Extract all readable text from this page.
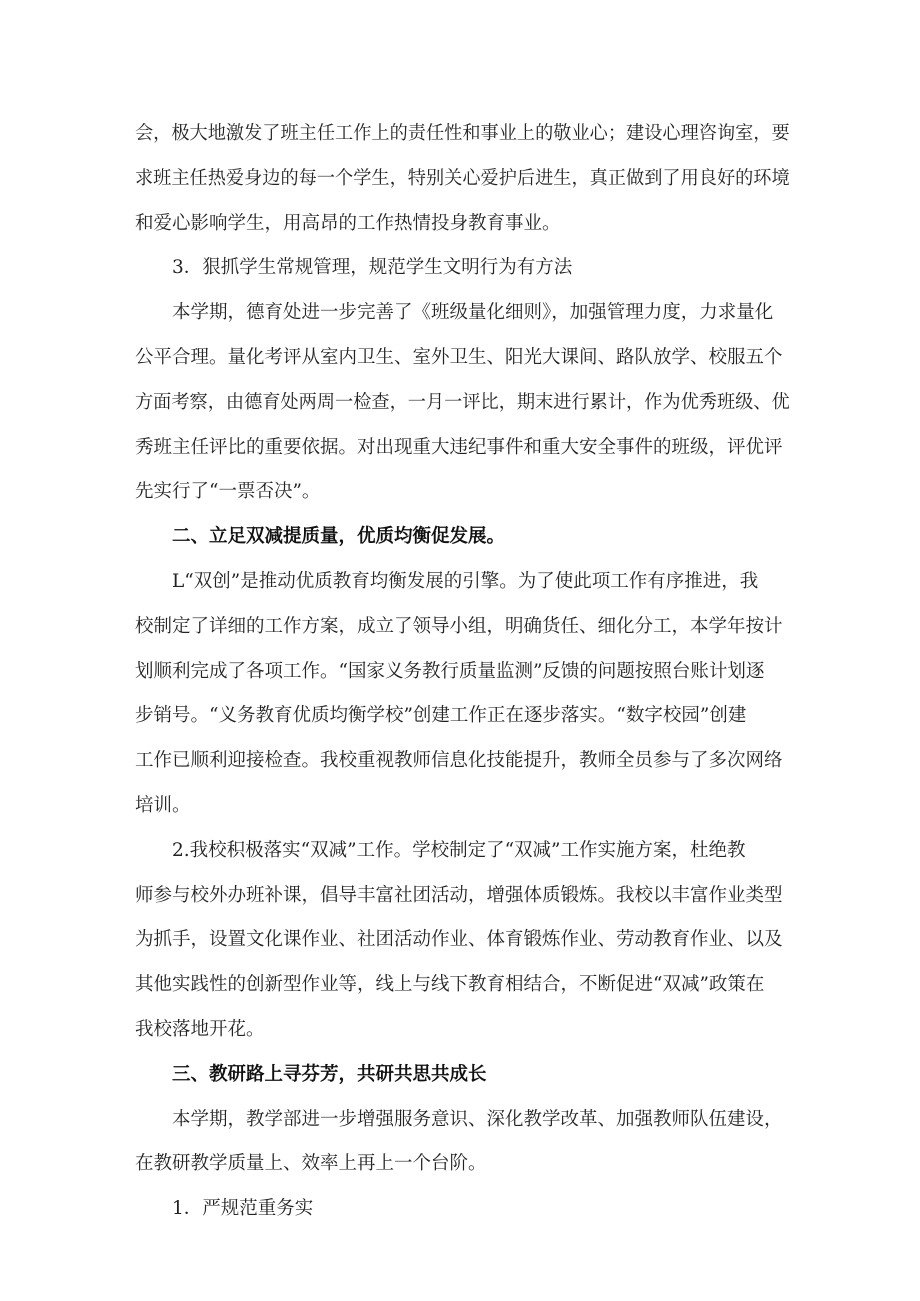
会，极大地激发了班主任工作上的责任性和事业上的敬业心；建设心理咨询室，要
求班主任热爱身边的每一个学生，特别关心爱护后进生，真正做到了用良好的环境
和爱心影响学生，用高昂的工作热情投身教育事业。

3．狠抓学生常规管理，规范学生文明行为有方法

本学期，德育处进一步完善了《班级量化细则》，加强管理力度，力求量化
公平合理。量化考评从室内卫生、室外卫生、阳光大课间、路队放学、校服五个
方面考察，由德育处两周一检查，一月一评比，期末进行累计，作为优秀班级、优
秀班主任评比的重要依据。对出现重大违纪事件和重大安全事件的班级，评优评
先实行了“一票否决”。

二、立足双减提质量，优质均衡促发展。

L“双创”是推动优质教育均衡发展的引擎。为了使此项工作有序推进，我
校制定了详细的工作方案，成立了领导小组，明确货任、细化分工，本学年按计
划顺利完成了各项工作。“国家义务教行质量监测”反馈的问题按照台账计划逐
步销号。“义务教育优质均衡学校”创建工作正在逐步落实。“数字校园”创建
工作已顺利迎接检查。我校重视教师信息化技能提升，教师全员参与了多次网络
培训。

2.我校积极落实“双减”工作。学校制定了“双减”工作实施方案，杜绝教
师参与校外办班补课，倡导丰富社团活动，增强体质锻炼。我校以丰富作业类型
为抓手，设置文化课作业、社团活动作业、体育锻炼作业、劳动教育作业、以及
其他实践性的创新型作业等，线上与线下教育相结合，不断促进“双减”政策在
我校落地开花。

三、教研路上寻芬芳，共研共思共成长

本学期，教学部进一步增强服务意识、深化教学改革、加强教师队伍建设，
在教研教学质量上、效率上再上一个台阶。

1．严规范重务实
